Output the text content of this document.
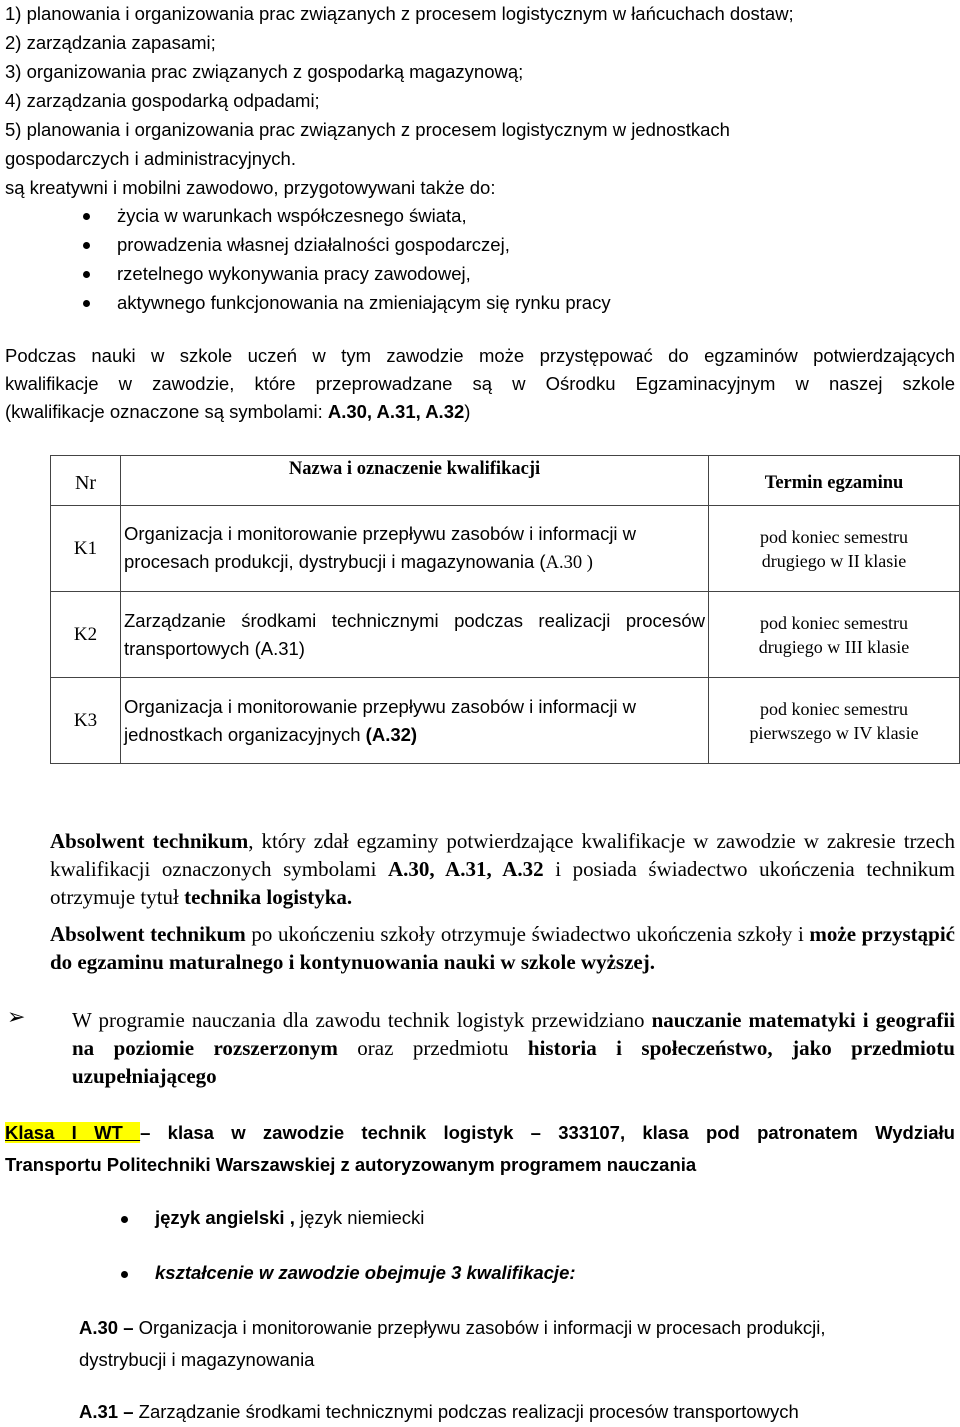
1) planowania i organizowania prac związanych z procesem logistycznym w łańcuchach dostaw;
2) zarządzania zapasami;
3) organizowania prac związanych z gospodarką magazynową;
4) zarządzania gospodarką odpadami;
5) planowania i organizowania prac związanych z procesem logistycznym w jednostkach
gospodarczych i administracyjnych.
są kreatywni i mobilni zawodowo, przygotowywani także do:
życia w warunkach współczesnego świata,
prowadzenia własnej działalności gospodarczej,
rzetelnego wykonywania pracy zawodowej,
aktywnego funkcjonowania na zmieniającym się rynku pracy
Podczas nauki w szkole uczeń w tym zawodzie może przystępować do egzaminów potwierdzających
kwalifikacje w zawodzie, które przeprowadzane są w Ośrodku Egzaminacyjnym w naszej szkole
(kwalifikacje oznaczone są symbolami: A.30, A.31, A.32)
Nr	Nazwa i oznaczenie kwalifikacji	Termin egzaminu
K1	Organizacja i monitorowanie przepływu zasobów i informacji w procesach produkcji, dystrybucji i magazynowania (A.30 )	pod koniec semestru
drugiego w II klasie

K2	Zarządzanie środkami technicznymi podczas realizacji procesów transportowych (A.31)	pod koniec semestru
drugiego w III klasie

K3	Organizacja i monitorowanie przepływu zasobów i informacji w jednostkach organizacyjnych (A.32)	pod koniec semestru
pierwszego w IV klasie
Absolwent technikum, który zdał egzaminy potwierdzające kwalifikacje w zawodzie w zakresie trzech kwalifikacji oznaczonych symbolami A.30, A.31, A.32 i posiada świadectwo ukończenia technikum otrzymuje tytuł technika logistyka.
Absolwent technikum po ukończeniu szkoły otrzymuje świadectwo ukończenia szkoły i może przystąpić do egzaminu maturalnego i kontynuowania nauki w szkole wyższej.
➢ W programie nauczania dla zawodu technik logistyk przewidziano nauczanie matematyki i geografii na poziomie rozszerzonym oraz przedmiotu historia i społeczeństwo, jako przedmiotu uzupełniającego
Klasa I WT – klasa w zawodzie technik logistyk – 333107, klasa pod patronatem Wydziału
Transportu Politechniki Warszawskiej z autoryzowanym programem nauczania
język angielski , język niemiecki
kształcenie w zawodzie obejmuje 3 kwalifikacje:
A.30 – Organizacja i monitorowanie przepływu zasobów i informacji w procesach produkcji,
dystrybucji i magazynowania
A.31 – Zarządzanie środkami technicznymi podczas realizacji procesów transportowych
